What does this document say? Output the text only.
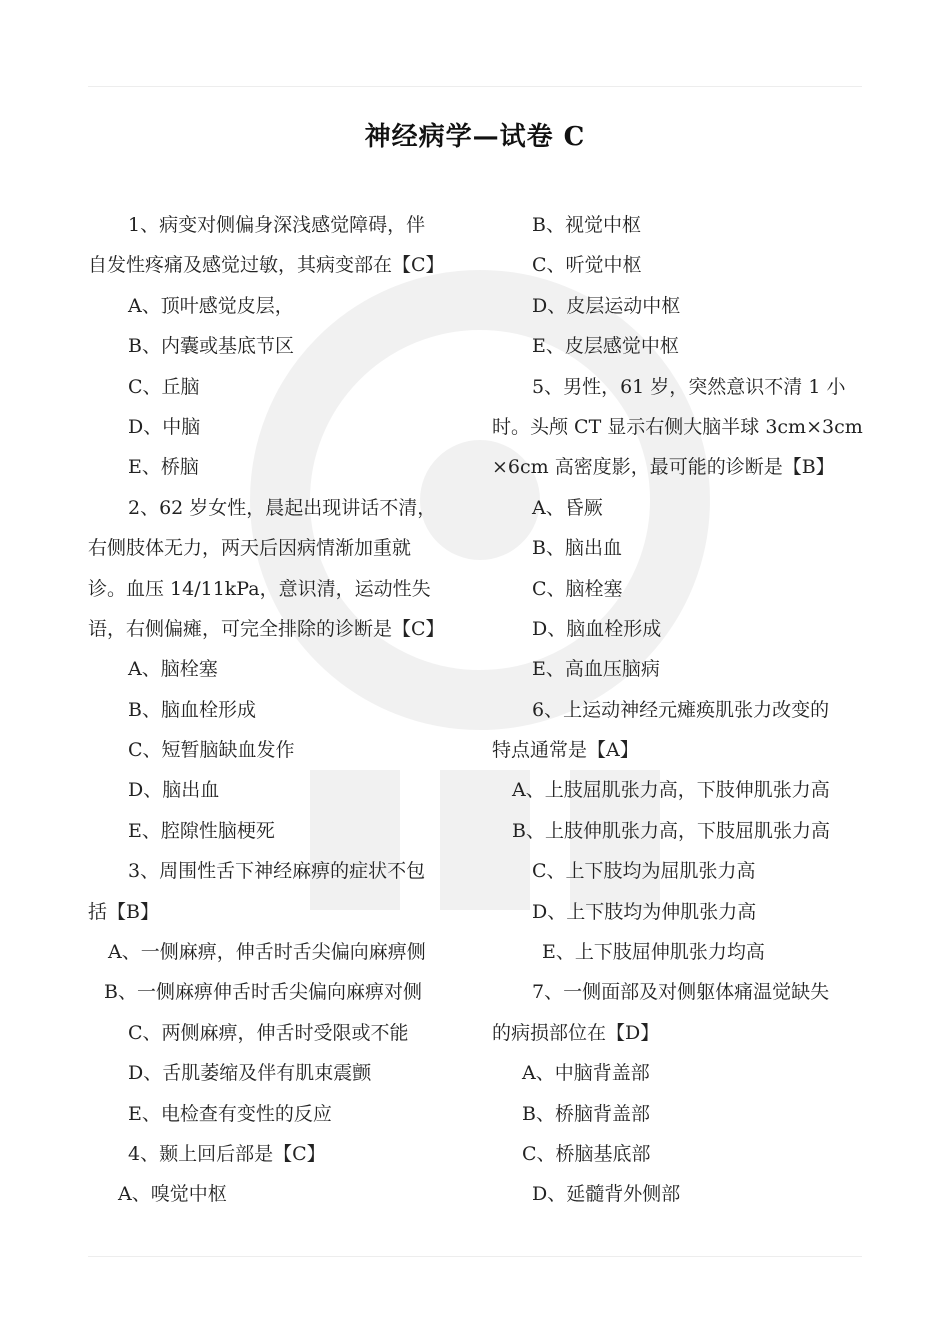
神经病学—试卷 C
1、病变对侧偏身深浅感觉障碍，伴
自发性疼痛及感觉过敏，其病变部在【C】
A、顶叶感觉皮层，
B、内囊或基底节区
C、丘脑
D、中脑
E、桥脑
2、62 岁女性，晨起出现讲话不清，
右侧肢体无力，两天后因病情渐加重就
诊。血压 14/11kPa，意识清，运动性失
语，右侧偏瘫，可完全排除的诊断是【C】
A、脑栓塞
B、脑血栓形成
C、短暂脑缺血发作
D、脑出血
E、腔隙性脑梗死
3、周围性舌下神经麻痹的症状不包
括【B】
A、一侧麻痹，伸舌时舌尖偏向麻痹侧
B、一侧麻痹伸舌时舌尖偏向麻痹对侧
C、两侧麻痹，伸舌时受限或不能
D、舌肌萎缩及伴有肌束震颤
E、电检查有变性的反应
4、颞上回后部是【C】
A、嗅觉中枢
B、视觉中枢
C、听觉中枢
D、皮层运动中枢
E、皮层感觉中枢
5、男性，61 岁，突然意识不清 1 小
时。头颅 CT 显示右侧大脑半球 3cm×3cm
×6cm 高密度影，最可能的诊断是【B】
A、昏厥
B、脑出血
C、脑栓塞
D、脑血栓形成
E、高血压脑病
6、上运动神经元瘫痪肌张力改变的
特点通常是【A】
A、上肢屈肌张力高，下肢伸肌张力高
B、上肢伸肌张力高，下肢屈肌张力高
C、上下肢均为屈肌张力高
D、上下肢均为伸肌张力高
E、上下肢屈伸肌张力均高
7、一侧面部及对侧躯体痛温觉缺失
的病损部位在【D】
A、中脑背盖部
B、桥脑背盖部
C、桥脑基底部
D、延髓背外侧部
